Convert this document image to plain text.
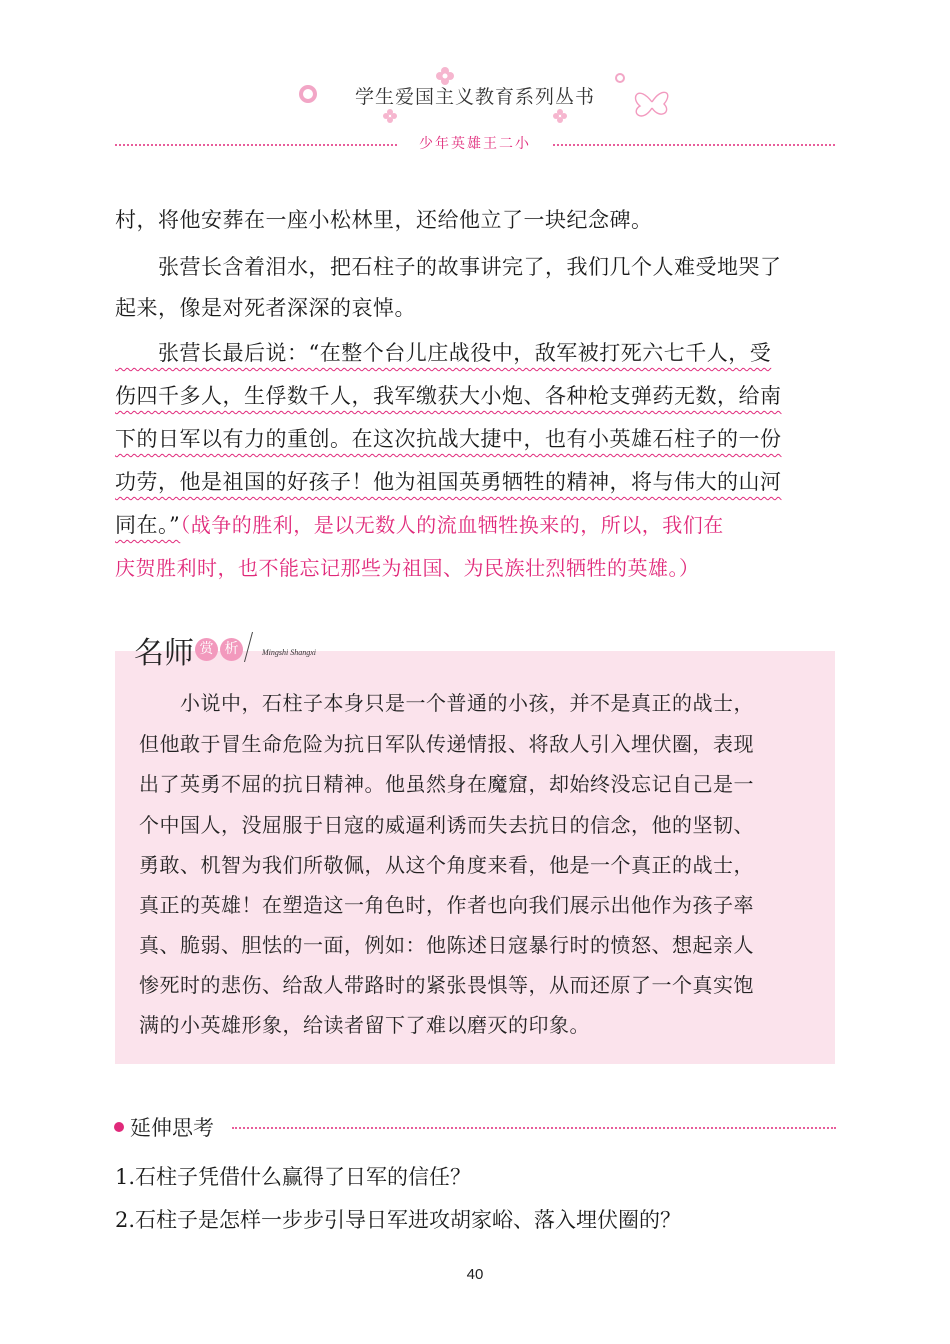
学生爱国主义教育系列丛书
少年英雄王二小
村，将他安葬在一座小松林里，还给他立了一块纪念碑。
　　张营长含着泪水，把石柱子的故事讲完了，我们几个人难受地哭了
起来，像是对死者深深的哀悼。
　　张营长最后说：“在整个台儿庄战役中，敌军被打死六七千人，受
伤四千多人，生俘数千人，我军缴获大小炮、各种枪支弹药无数，给南
下的日军以有力的重创。在这次抗战大捷中，也有小英雄石柱子的一份
功劳，他是祖国的好孩子！他为祖国英勇牺牲的精神，将与伟大的山河
同在。”（战争的胜利，是以无数人的流血牺牲换来的，所以，我们在
庆贺胜利时，也不能忘记那些为祖国、为民族壮烈牺牲的英雄。）
名师 赏 析	Mingshi Shangxi
　　小说中，石柱子本身只是一个普通的小孩，并不是真正的战士，
但他敢于冒生命危险为抗日军队传递情报、将敌人引入埋伏圈，表现
出了英勇不屈的抗日精神。他虽然身在魔窟，却始终没忘记自己是一
个中国人，没屈服于日寇的威逼利诱而失去抗日的信念，他的坚韧、
勇敢、机智为我们所敬佩，从这个角度来看，他是一个真正的战士，
真正的英雄！在塑造这一角色时，作者也向我们展示出他作为孩子率
真、脆弱、胆怯的一面，例如：他陈述日寇暴行时的愤怒、想起亲人
惨死时的悲伤、给敌人带路时的紧张畏惧等，从而还原了一个真实饱
满的小英雄形象，给读者留下了难以磨灭的印象。
延伸思考
1.石柱子凭借什么赢得了日军的信任？
2.石柱子是怎样一步步引导日军进攻胡家峪、落入埋伏圈的？
40
